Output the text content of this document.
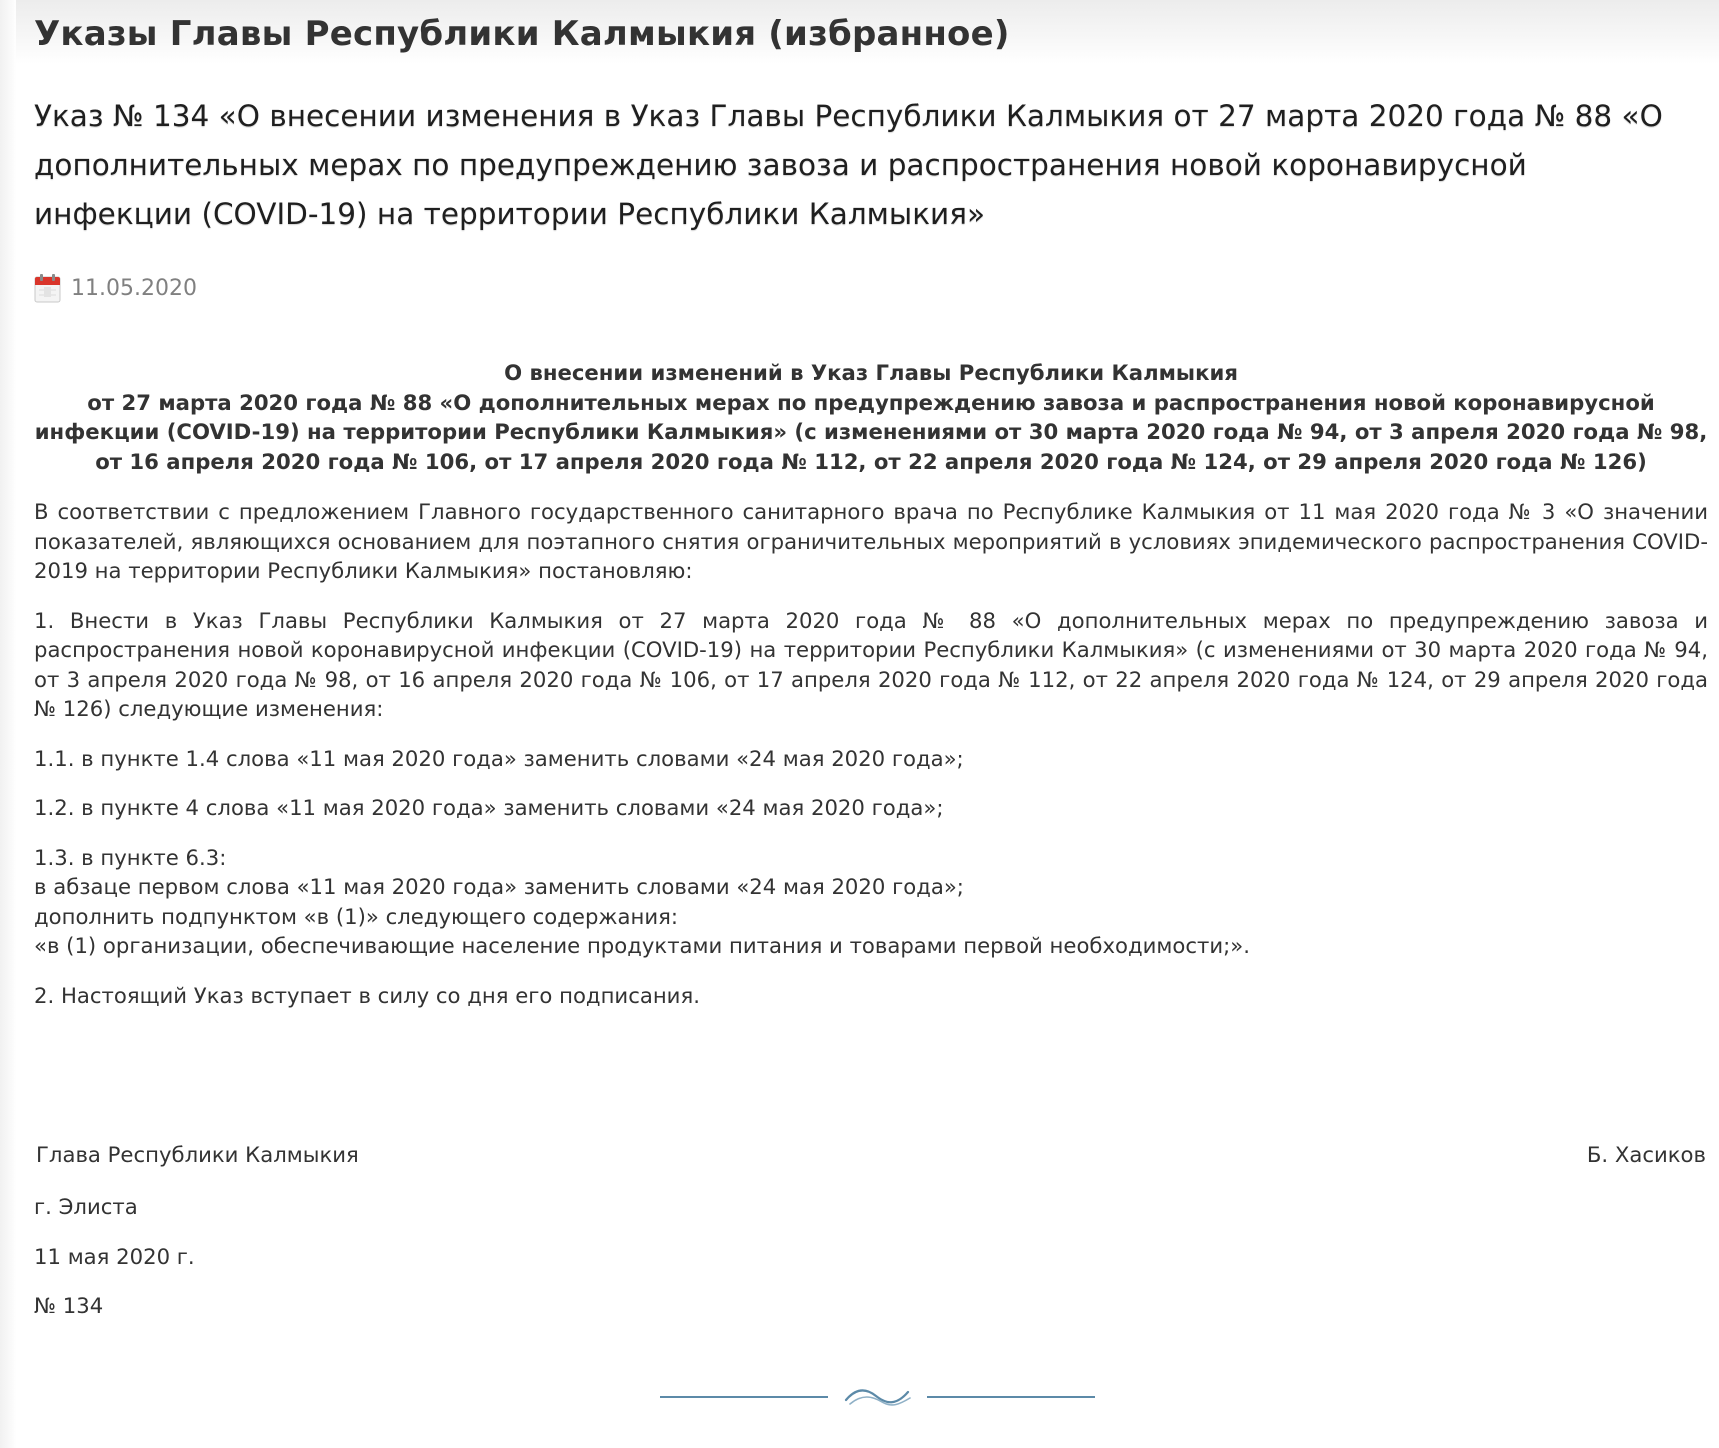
Указы Главы Республики Калмыкия (избранное)
Указ № 134 «О внесении изменения в Указ Главы Республики Калмыкия от 27 марта 2020 года № 88 «О дополнительных мерах по предупреждению завоза и распространения новой коронавирусной инфекции (COVID-19) на территории Республики Калмыкия»
11.05.2020
О внесении изменений в Указ Главы Республики Калмыкия
от 27 марта 2020 года № 88 «О дополнительных мерах по предупреждению завоза и распространения новой коронавирусной инфекции (COVID-19) на территории Республики Калмыкия» (с изменениями от 30 марта 2020 года № 94, от 3 апреля 2020 года № 98, от 16 апреля 2020 года № 106, от 17 апреля 2020 года № 112, от 22 апреля 2020 года № 124, от 29 апреля 2020 года № 126)
В соответствии с предложением Главного государственного санитарного врача по Республике Калмыкия от 11 мая 2020 года № 3 «О значении показателей, являющихся основанием для поэтапного снятия ограничительных мероприятий в условиях эпидемического распространения COVID-2019 на территории Республики Калмыкия» постановляю:
1. Внести в Указ Главы Республики Калмыкия от 27 марта 2020 года № 88 «О дополнительных мерах по предупреждению завоза и распространения новой коронавирусной инфекции (COVID-19) на территории Республики Калмыкия» (с изменениями от 30 марта 2020 года № 94, от 3 апреля 2020 года № 98, от 16 апреля 2020 года № 106, от 17 апреля 2020 года № 112, от 22 апреля 2020 года № 124, от 29 апреля 2020 года № 126) следующие изменения:
1.1. в пункте 1.4 слова «11 мая 2020 года» заменить словами «24 мая 2020 года»;
1.2. в пункте 4 слова «11 мая 2020 года» заменить словами «24 мая 2020 года»;

1.3. в пункте 6.3:

в абзаце первом слова «11 мая 2020 года» заменить словами «24 мая 2020 года»;

дополнить подпунктом «в (1)» следующего содержания:

«в (1) организации, обеспечивающие население продуктами питания и товарами первой необходимости;».

2. Настоящий Указ вступает в силу со дня его подписания.
Глава Республики Калмыкия	Б. Хасиков
г. Элиста
11 мая 2020 г.
№ 134
